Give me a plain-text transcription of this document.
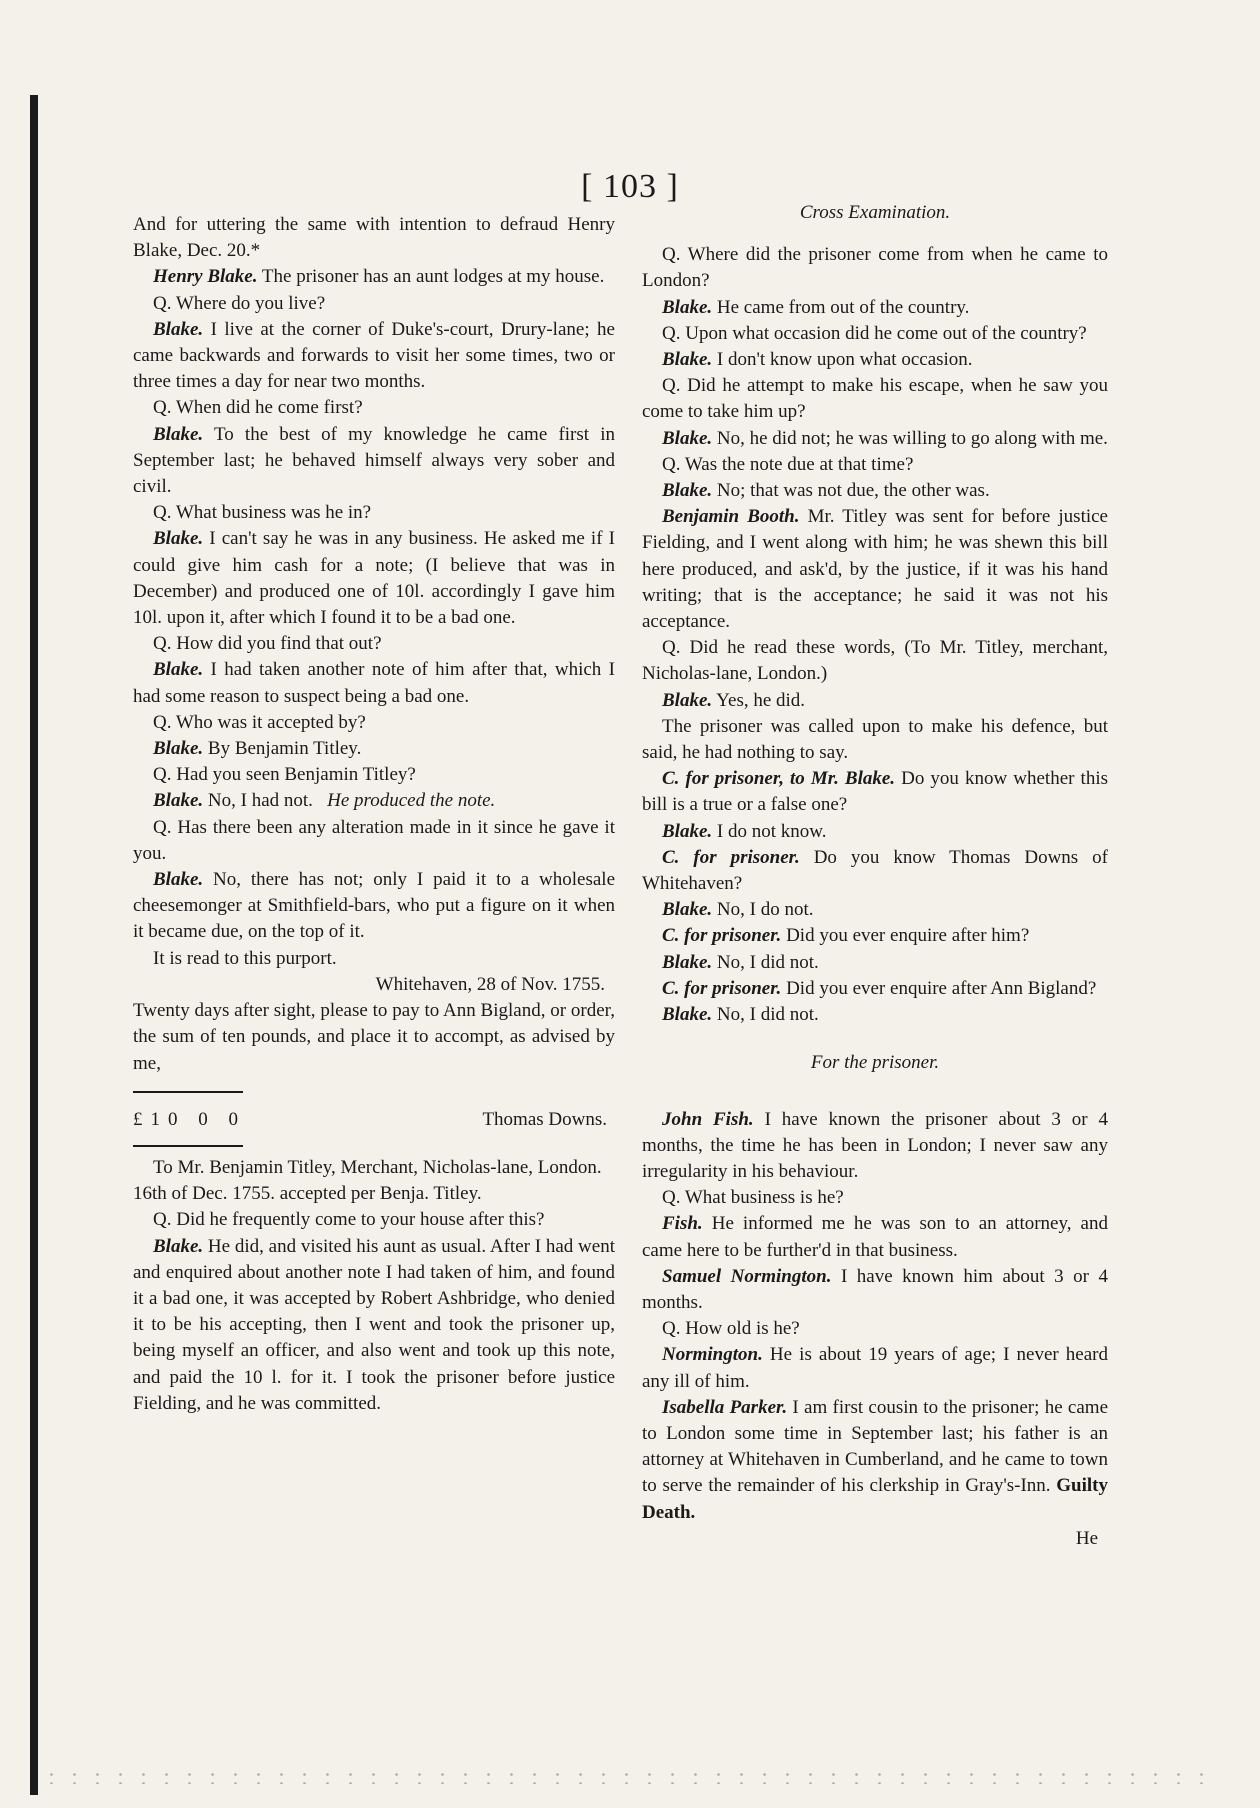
[ 103 ]

And for uttering the same with intention to defraud Henry Blake, Dec. 20.*

Henry Blake. The prisoner has an aunt lodges at my house.

Q. Where do you live?

Blake. I live at the corner of Duke's-court, Drury-lane; he came backwards and forwards to visit her some times, two or three times a day for near two months.

Q. When did he come first?

Blake. To the best of my knowledge he came first in September last; he behaved himself always very sober and civil.

Q. What business was he in?

Blake. I can't say he was in any business. He asked me if I could give him cash for a note; (I believe that was in December) and produced one of 10l. accordingly I gave him 10l. upon it, after which I found it to be a bad one.

Q. How did you find that out?

Blake. I had taken another note of him after that, which I had some reason to suspect being a bad one.

Q. Who was it accepted by?

Blake. By Benjamin Titley.

Q. Had you seen Benjamin Titley?

Blake. No, I had not. He produced the note.

Q. Has there been any alteration made in it since he gave it you.

Blake. No, there has not; only I paid it to a wholesale cheesemonger at Smithfield-bars, who put a figure on it when it became due, on the top of it.

It is read to this purport.

Whitehaven, 28 of Nov. 1755.

Twenty days after sight, please to pay to Ann Bigland, or order, the sum of ten pounds, and place it to accompt, as advised by me,

£10 0 0	Thomas Downs.

To Mr. Benjamin Titley, Merchant, Nicholas-lane, London.

16th of Dec. 1755. accepted per Benja. Titley.

Q. Did he frequently come to your house after this?

Blake. He did, and visited his aunt as usual. After I had went and enquired about another note I had taken of him, and found it a bad one, it was accepted by Robert Ashbridge, who denied it to be his accepting, then I went and took the prisoner up, being myself an officer, and also went and took up this note, and paid the 10 l. for it. I took the prisoner before justice Fielding, and he was committed.

Cross Examination.

Q. Where did the prisoner come from when he came to London?

Blake. He came from out of the country.

Q. Upon what occasion did he come out of the country?

Blake. I don't know upon what occasion.

Q. Did he attempt to make his escape, when he saw you come to take him up?

Blake. No, he did not; he was willing to go along with me.

Q. Was the note due at that time?

Blake. No; that was not due, the other was.

Benjamin Booth. Mr. Titley was sent for before justice Fielding, and I went along with him; he was shewn this bill here produced, and ask'd, by the justice, if it was his hand writing; that is the acceptance; he said it was not his acceptance.

Q. Did he read these words, (To Mr. Titley, merchant, Nicholas-lane, London.)

Blake. Yes, he did.

The prisoner was called upon to make his defence, but said, he had nothing to say.

C. for prisoner, to Mr. Blake. Do you know whether this bill is a true or a false one?

Blake. I do not know.

C. for prisoner. Do you know Thomas Downs of Whitehaven?

Blake. No, I do not.

C. for prisoner. Did you ever enquire after him?

Blake. No, I did not.

C. for prisoner. Did you ever enquire after Ann Bigland?

Blake. No, I did not.

For the prisoner.

John Fish. I have known the prisoner about 3 or 4 months, the time he has been in London; I never saw any irregularity in his behaviour.

Q. What business is he?

Fish. He informed me he was son to an attorney, and came here to be further'd in that business.

Samuel Normington. I have known him about 3 or 4 months.

Q. How old is he?

Normington. He is about 19 years of age; I never heard any ill of him.

Isabella Parker. I am first cousin to the prisoner; he came to London some time in September last; his father is an attorney at Whitehaven in Cumberland, and he came to town to serve the remainder of his clerkship in Gray's-Inn. Guilty Death.

He
